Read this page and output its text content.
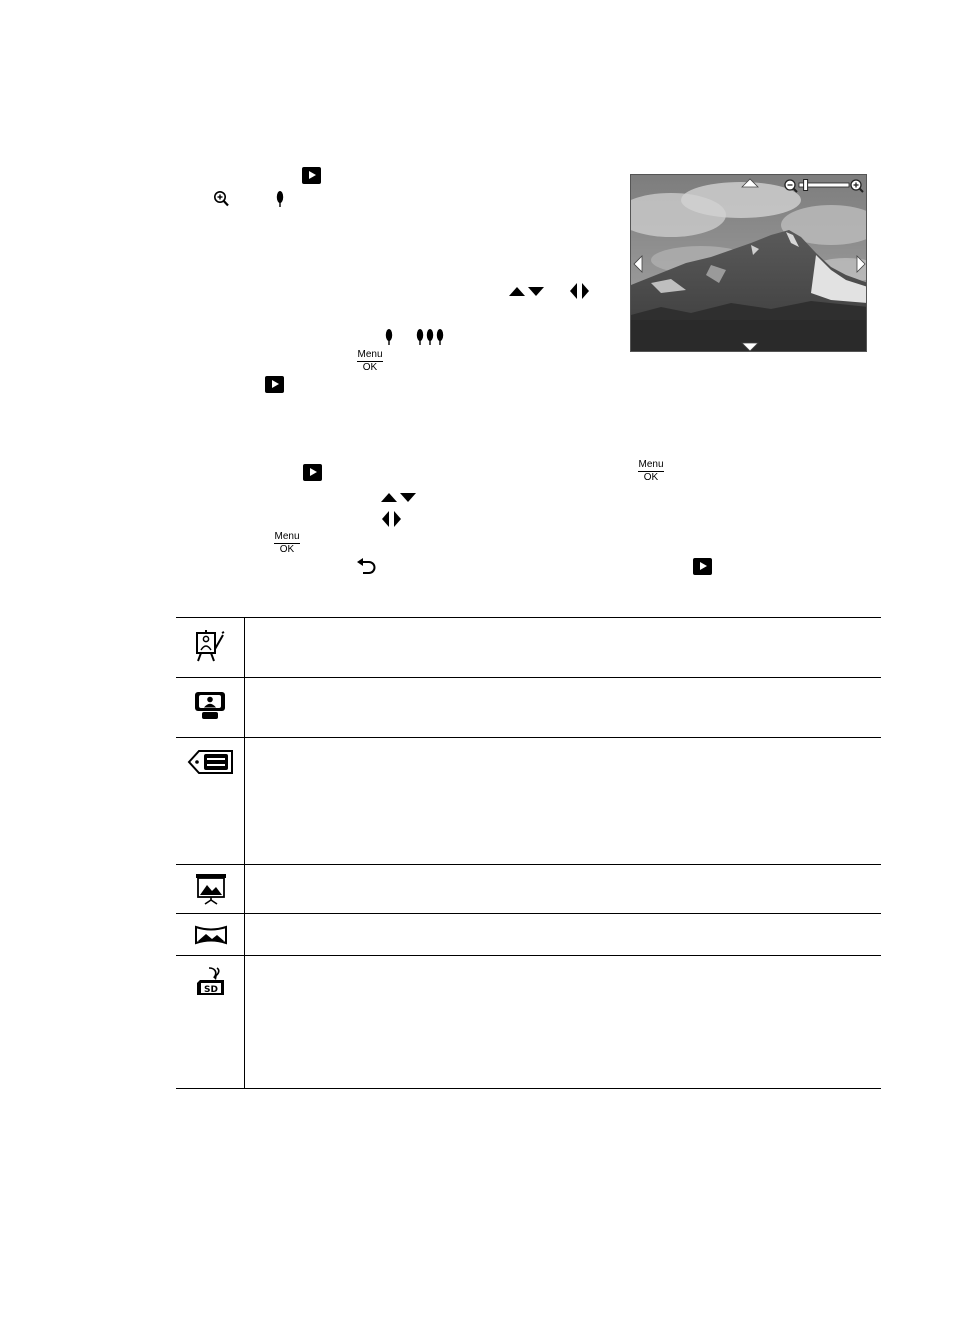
Menu
OK
Menu
OK
Menu
OK
SD
